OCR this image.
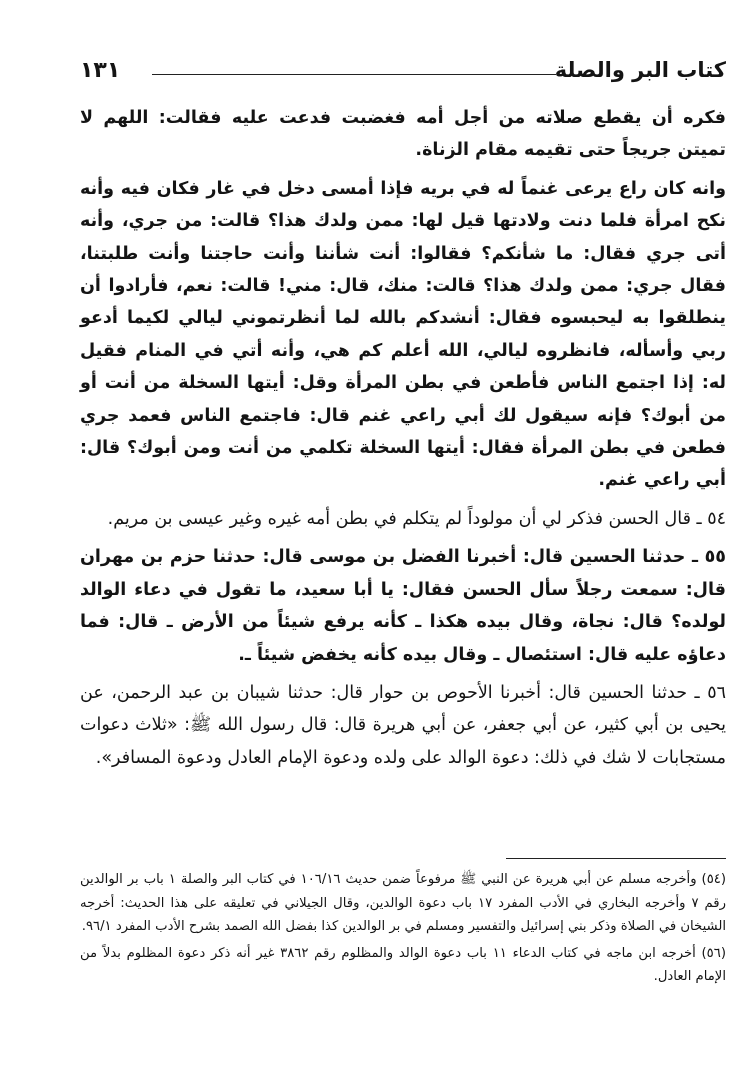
كتاب البر والصلة
١٣١

فكره أن يقطع صلاته من أجل أمه فغضبت فدعت عليه فقالت: اللهم لا تميتن جريجاً حتى تقيمه مقام الزناة.

وانه كان راع يرعى غنماً له في بريه فإذا أمسى دخل في غار فكان فيه وأنه نكح امرأة فلما دنت ولادتها قيل لها: ممن ولدك هذا؟ قالت: من جري، وأنه أتى جري فقال: ما شأنكم؟ فقالوا: أنت شأننا وأنت حاجتنا وأنت طلبتنا، فقال جري: ممن ولدك هذا؟ قالت: منك، قال: مني! قالت: نعم، فأرادوا أن ينطلقوا به ليحبسوه فقال: أنشدكم بالله لما أنظرتموني ليالي لكيما أدعو ربي وأسأله، فانظروه ليالي، الله أعلم كم هي، وأنه أتي في المنام فقيل له: إذا اجتمع الناس فأطعن في بطن المرأة وقل: أيتها السخلة من أنت أو من أبوك؟ فإنه سيقول لك أبي راعي غنم قال: فاجتمع الناس فعمد جري فطعن في بطن المرأة فقال: أيتها السخلة تكلمي من أنت ومن أبوك؟ قال: أبي راعي غنم.

٥٤ ـ قال الحسن فذكر لي أن مولوداً لم يتكلم في بطن أمه غيره وغير عيسى بن مريم.

٥٥ ـ حدثنا الحسين قال: أخبرنا الفضل بن موسى قال: حدثنا حزم بن مهران قال: سمعت رجلاً سأل الحسن فقال: يا أبا سعيد، ما تقول في دعاء الوالد لولده؟ قال: نجاة، وقال بيده هكذا ـ كأنه يرفع شيئاً من الأرض ـ قال: فما دعاؤه عليه قال: استئصال ـ وقال بيده كأنه يخفض شيئاً ـ.

٥٦ ـ حدثنا الحسين قال: أخبرنا الأحوص بن حوار قال: حدثنا شيبان بن عبد الرحمن، عن يحيى بن أبي كثير، عن أبي جعفر، عن أبي هريرة قال: قال رسول الله ﷺ: «ثلاث دعوات مستجابات لا شك في ذلك: دعوة الوالد على ولده ودعوة الإمام العادل ودعوة المسافر».

(٥٤) وأخرجه مسلم عن أبي هريرة عن النبي ﷺ مرفوعاً ضمن حديث ١٠٦/١٦ في كتاب البر والصلة ١ باب بر الوالدين رقم ٧ وأخرجه البخاري في الأدب المفرد ١٧ باب دعوة الوالدين، وقال الجيلاني في تعليقه على هذا الحديث: أخرجه الشيخان في الصلاة وذكر بني إسرائيل والتفسير ومسلم في بر الوالدين كذا بفضل الله الصمد بشرح الأدب المفرد ٩٦/١.

(٥٦) أخرجه ابن ماجه في كتاب الدعاء ١١ باب دعوة الوالد والمظلوم رقم ٣٨٦٢ غير أنه ذكر دعوة المظلوم بدلاً من الإمام العادل.
